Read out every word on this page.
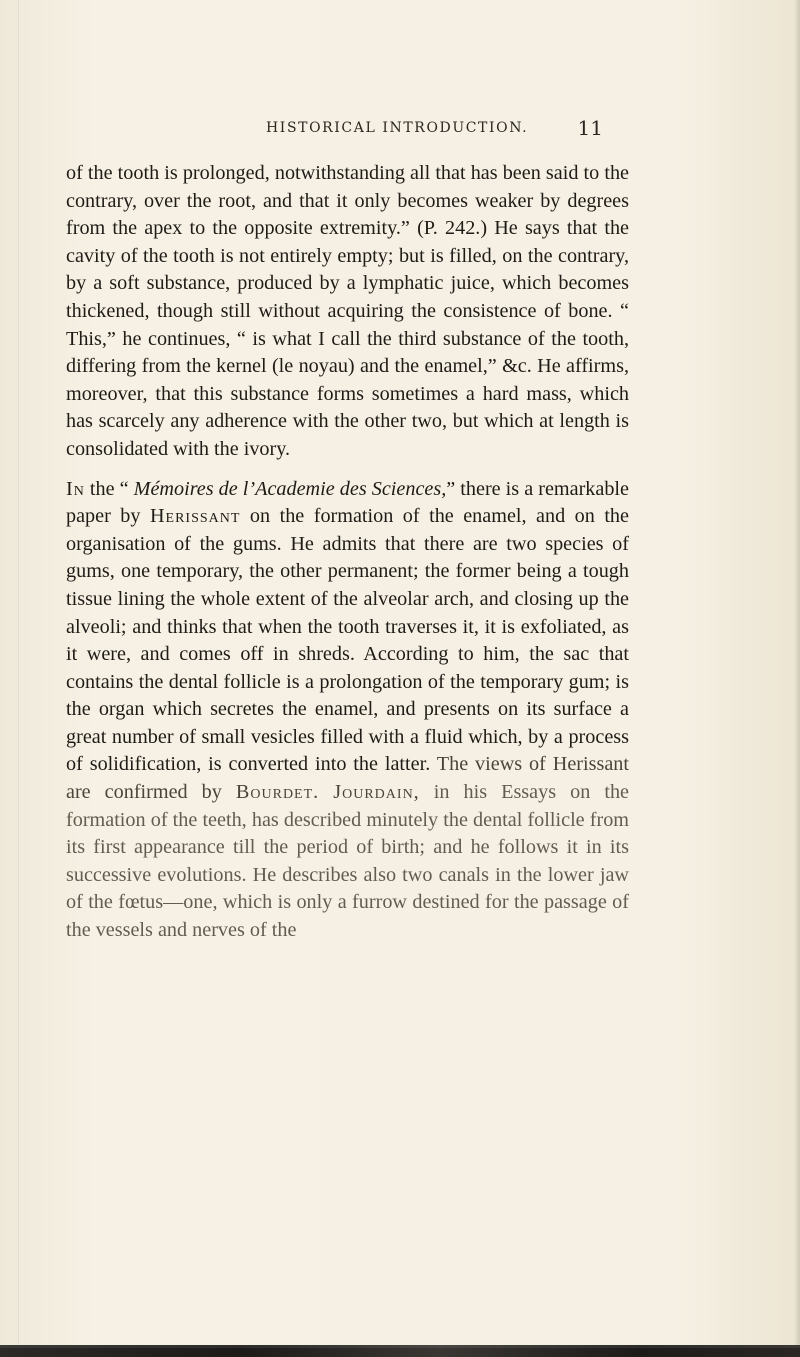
HISTORICAL INTRODUCTION. 11

of the tooth is prolonged, notwithstanding all that has been said to the contrary, over the root, and that it only becomes weaker by degrees from the apex to the opposite extremity.” (P. 242.) He says that the cavity of the tooth is not entirely empty; but is filled, on the contrary, by a soft substance, produced by a lymphatic juice, which becomes thickened, though still without acquiring the consistence of bone. “ This,” he continues, “ is what I call the third substance of the tooth, differing from the kernel (le noyau) and the enamel,” &c. He affirms, moreover, that this substance forms sometimes a hard mass, which has scarcely any adherence with the other two, but which at length is consolidated with the ivory.

In the “ Mémoires de l’Academie des Sciences,” there is a remarkable paper by Herissant on the formation of the enamel, and on the organisation of the gums. He admits that there are two species of gums, one temporary, the other permanent; the former being a tough tissue lining the whole extent of the alveolar arch, and closing up the alveoli; and thinks that when the tooth traverses it, it is exfoliated, as it were, and comes off in shreds. According to him, the sac that contains the dental follicle is a prolongation of the temporary gum; is the organ which secretes the enamel, and presents on its surface a great number of small vesicles filled with a fluid which, by a process of solidification, is converted into the latter. The views of Herissant are confirmed by Bourdet. Jourdain, in his Essays on the formation of the teeth, has described minutely the dental follicle from its first appearance till the period of birth; and he follows it in its successive evolutions. He describes also two canals in the lower jaw of the fœtus—one, which is only a furrow destined for the passage of the vessels and nerves of the
